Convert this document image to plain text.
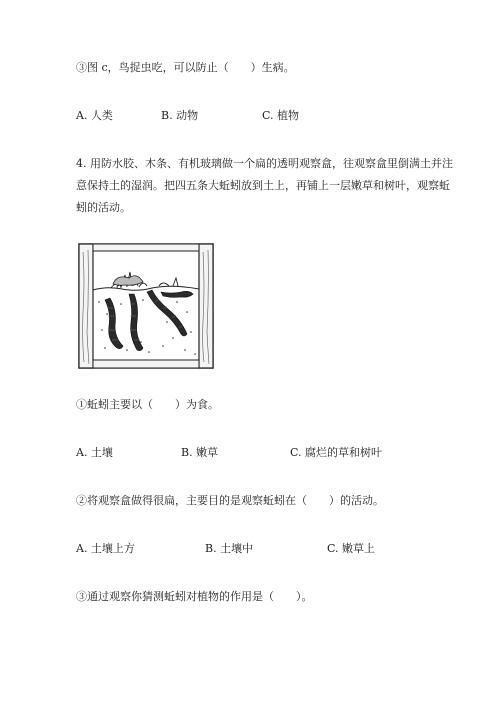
③图 c，鸟捉虫吃，可以防止（　　）生病。
A. 人类	B. 动物	C. 植物
4. 用防水胶、木条、有机玻璃做一个扁的透明观察盒，往观察盒里倒满土并注
意保持土的湿润。把四五条大蚯蚓放到土上，再铺上一层嫩草和树叶，观察蚯
蚓的活动。
①蚯蚓主要以（　　）为食。
A. 土壤	B. 嫩草	C. 腐烂的草和树叶
②将观察盒做得很扁，主要目的是观察蚯蚓在（　　）的活动。
A. 土壤上方	B. 土壤中	C. 嫩草上
③通过观察你猜测蚯蚓对植物的作用是（　　）。
